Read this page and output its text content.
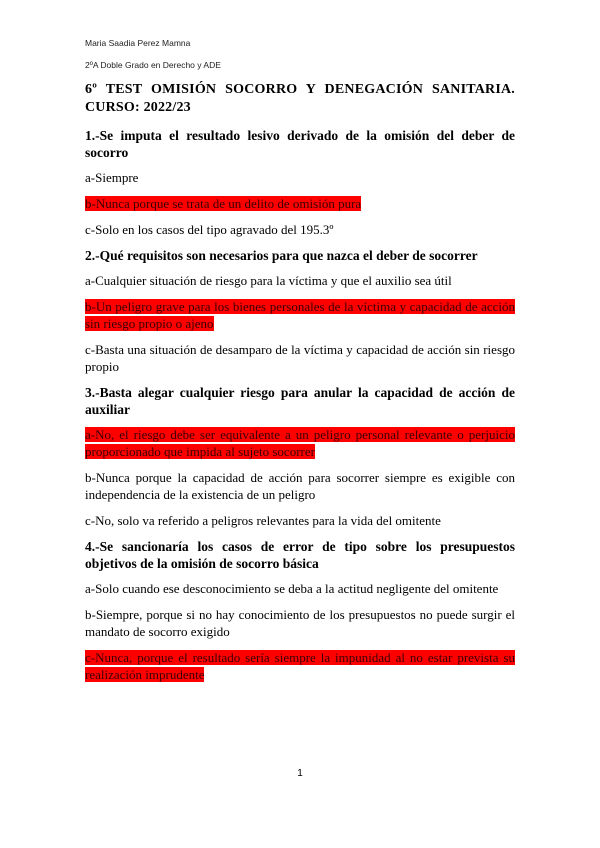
Maria Saadia Perez Mamna
2ºA Doble Grado en Derecho y ADE

6º TEST OMISIÓN SOCORRO Y DENEGACIÓN SANITARIA. CURSO: 2022/23

1.-Se imputa el resultado lesivo derivado de la omisión del deber de socorro

a-Siempre

b-Nunca porque se trata de un delito de omisión pura

c-Solo en los casos del tipo agravado del 195.3º

2.-Qué requisitos son necesarios para que nazca el deber de socorrer

a-Cualquier situación de riesgo para la víctima y que el auxilio sea útil

b-Un peligro grave para los bienes personales de la víctima y capacidad de acción sin riesgo propio o ajeno

c-Basta una situación de desamparo de la víctima y capacidad de acción sin riesgo propio

3.-Basta alegar cualquier riesgo para anular la capacidad de acción de auxiliar

a-No, el riesgo debe ser equivalente a un peligro personal relevante o perjuicio proporcionado que impida al sujeto socorrer

b-Nunca porque la capacidad de acción para socorrer siempre es exigible con independencia de la existencia de un peligro

c-No, solo va referido a peligros relevantes para la vida del omitente

4.-Se sancionaría los casos de error de tipo sobre los presupuestos objetivos de la omisión de socorro básica

a-Solo cuando ese desconocimiento se deba a la actitud negligente del omitente

b-Siempre, porque si no hay conocimiento de los presupuestos no puede surgir el mandato de socorro exigido

c-Nunca, porque el resultado sería siempre la impunidad al no estar prevista su realización imprudente

1
